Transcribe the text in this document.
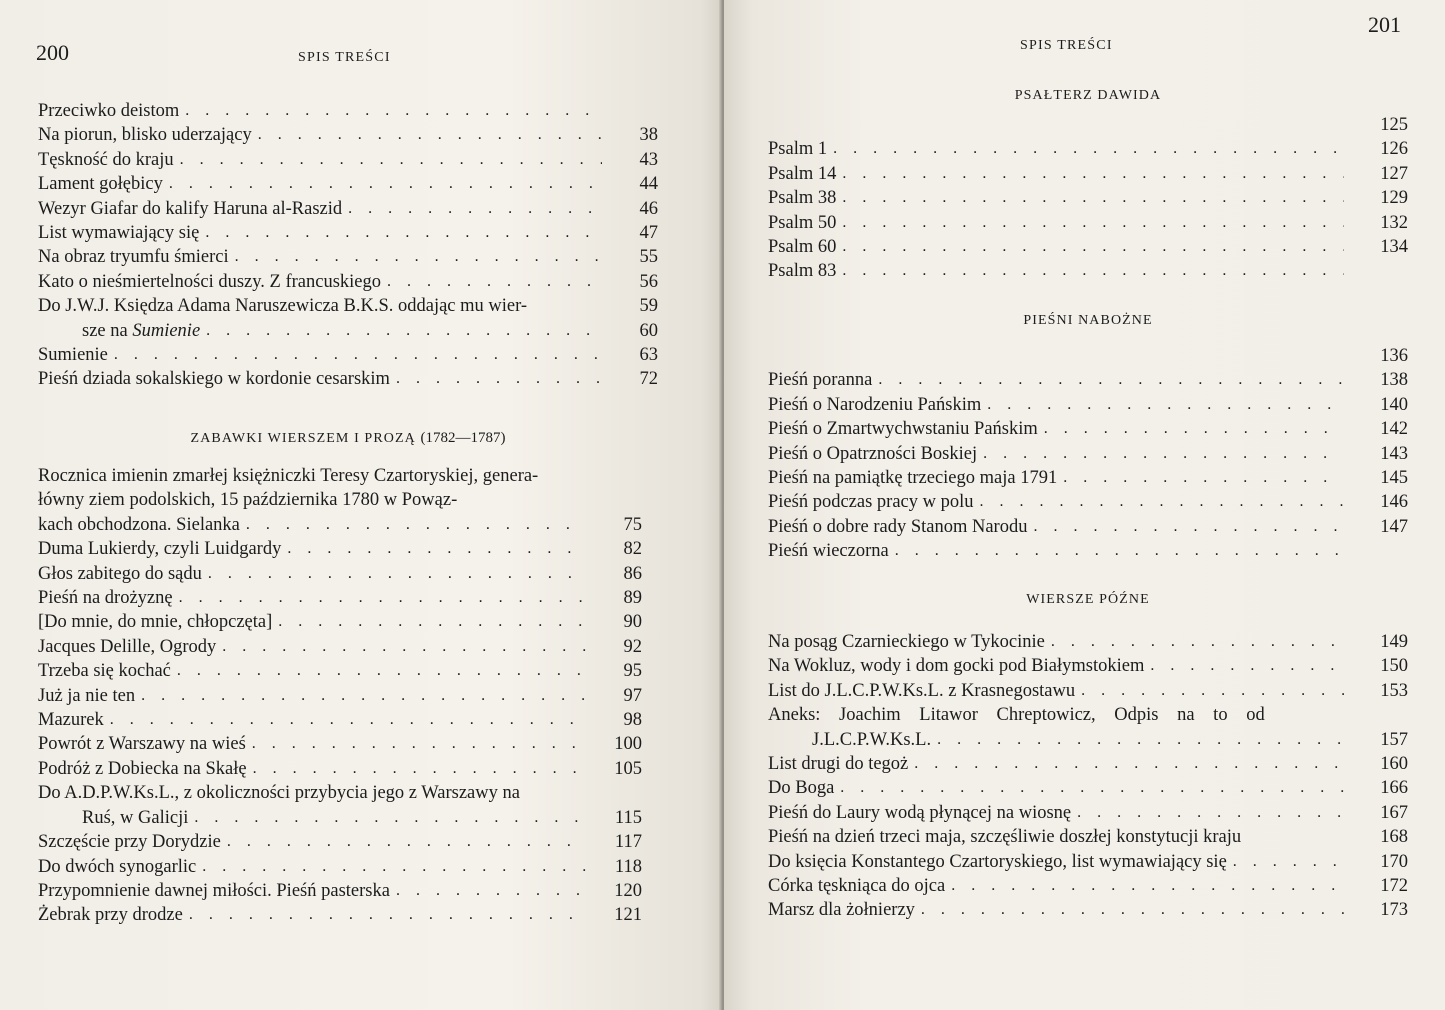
200	SPIS TREŚCI
Przeciwko deistom
. . .
Na piorun, blisko uderzający . . .	38
Tęskność do kraju . . .	43
Lament gołębicy . . .	44
Wezyr Giafar do kalify Haruna al-Raszid . . .	46
List wymawiający się . . .	47
Na obraz tryumfu śmierci . . .	55
Kato o nieśmiertelności duszy. Z francuskiego . . .	56
Do J.W.J. Księdza Adama Naruszewicza B.K.S. oddając mu wier-	59
sze na Sumienie . . .	60
Sumienie . . .	63
Pieśń dziada sokalskiego w kordonie cesarskim . . .	72
ZABAWKI WIERSZEM I PROZĄ (1782—1787)
Rocznica imienin zmarłej księżniczki Teresy Czartoryskiej, genera-
łówny ziem podolskich, 15 października 1780 w Powąz-
kach obchodzona. Sielanka . . .	75
Duma Lukierdy, czyli Luidgardy . . .	82
Głos zabitego do sądu . . .	86
Pieśń na drożyznę . . .	89
[Do mnie, do mnie, chłopczęta] . . .	90
Jacques Delille, Ogrody . . .	92
Trzeba się kochać . . .	95
Już ja nie ten . . .	97
Mazurek . . .	98
Powrót z Warszawy na wieś . . .	100
Podróż z Dobiecka na Skałę . . .	105
Do A.D.P.W.Ks.L., z okoliczności przybycia jego z Warszawy na
Ruś, w Galicji . . .	115
Szczęście przy Dorydzie . . .	117
Do dwóch synogarlic . . .	118
Przypomnienie dawnej miłości. Pieśń pasterska . . .	120
Żebrak przy drodze . . .	121
201
SPIS TREŚCI
PSAŁTERZ DAWIDA
125
Psalm 1 . . .	126
Psalm 14 . . .	127
Psalm 38 . . .	129
Psalm 50 . . .	132
Psalm 60 . . .	134
Psalm 83
. . .
PIEŚNI NABOŻNE
136
Pieśń poranna . . .	138
Pieśń o Narodzeniu Pańskim . . .	140
Pieśń o Zmartwychwstaniu Pańskim . . .	142
Pieśń o Opatrzności Boskiej . . .	143
Pieśń na pamiątkę trzeciego maja 1791 . . .	145
Pieśń podczas pracy w polu . . .	146
Pieśń o dobre rady Stanom Narodu . . .	147
Pieśń wieczorna
. . .
WIERSZE PÓŹNE
Na posąg Czarnieckiego w Tykocinie . . .	149
Na Wokluz, wody i dom gocki pod Białymstokiem . . .	150
List do J.L.C.P.W.Ks.L. z Krasnegostawu . . .	153
Aneks: Joachim Litawor Chreptowicz, Odpis na to od
J.L.C.P.W.Ks.L. . . .	157
List drugi do tegoż . . .	160
Do Boga . . .	166
Pieśń do Laury wodą płynącej na wiosnę . . .	167
Pieśń na dzień trzeci maja, szczęśliwie doszłej konstytucji kraju	168
Do księcia Konstantego Czartoryskiego, list wymawiający się . . .	170
Córka tęskniąca do ojca . . .	172
Marsz dla żołnierzy . . .	173
